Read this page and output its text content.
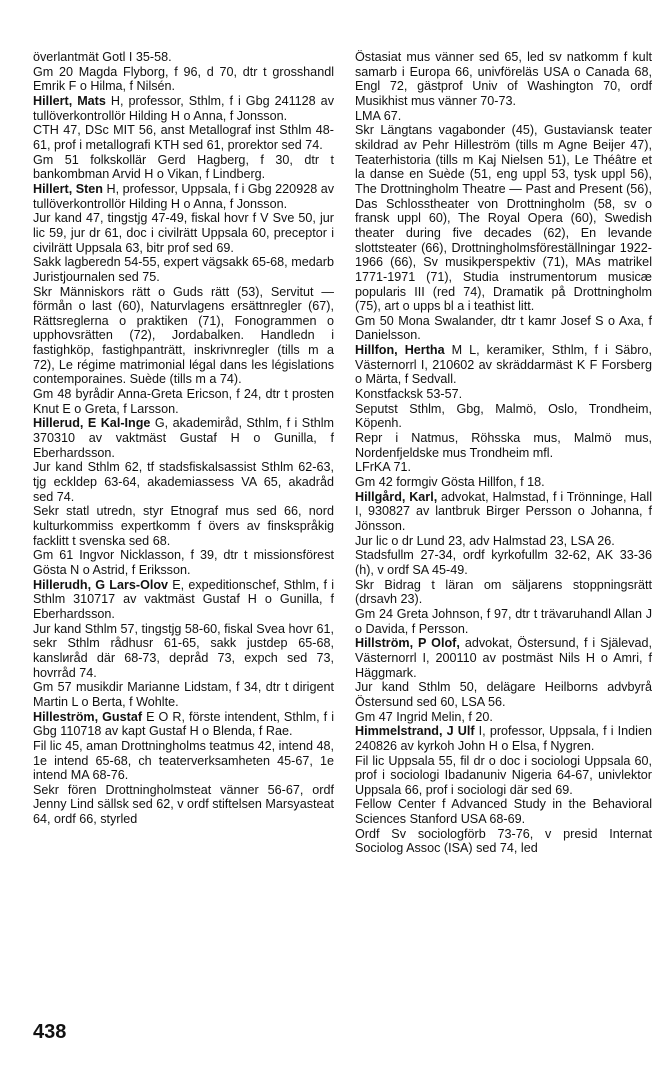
överlantmät Gotl I 35-58.

Gm 20 Magda Flyborg, f 96, d 70, dtr t grosshandl Emrik F o Hilma, f Nilsén.

Hillert, Mats H, professor, Sthlm, f i Gbg 241128 av tullöverkontrollör Hilding H o Anna, f Jonsson.

CTH 47, DSc MIT 56, anst Metallograf inst Sthlm 48-61, prof i metallografi KTH sed 61, prorektor sed 74.

Gm 51 folkskollär Gerd Hagberg, f 30, dtr t bankombman Arvid H o Vikan, f Lindberg.

Hillert, Sten H, professor, Uppsala, f i Gbg 220928 av tullöverkontrollör Hilding H o Anna, f Jonsson.

Jur kand 47, tingstjg 47-49, fiskal hovr f V Sve 50, jur lic 59, jur dr 61, doc i civilrätt Uppsala 60, preceptor i civilrätt Uppsala 63, bitr prof sed 69.

Sakk lagberedn 54-55, expert vägsakk 65-68, medarb Juristjournalen sed 75.

Skr Människors rätt o Guds rätt (53), Servitut — förmån o last (60), Naturvlagens ersättnregler (67), Rättsreglerna o praktiken (71), Fonogrammen o upphovsrätten (72), Jordabalken. Handledn i fastighköp, fastighpanträtt, inskrivnregler (tills m a 72), Le régime matrimonial légal dans les législations contemporaines. Suède (tills m a 74).

Gm 48 byrådir Anna-Greta Ericson, f 24, dtr t prosten Knut E o Greta, f Larsson.

Hillerud, E Kal-Inge G, akademiråd, Sthlm, f i Sthlm 370310 av vaktmäst Gustaf H o Gunilla, f Eberhardsson.

Jur kand Sthlm 62, tf stadsfiskalsassist Sthlm 62-63, tjg eckldep 63-64, akademiassess VA 65, akadråd sed 74.

Sekr statl utredn, styr Etnograf mus sed 66, nord kulturkommiss expertkomm f övers av finskspråkig facklitt t svenska sed 68.

Gm 61 Ingvor Nicklasson, f 39, dtr t missionsförest Gösta N o Astrid, f Eriksson.

Hillerudh, G Lars-Olov E, expeditionschef, Sthlm, f i Sthlm 310717 av vaktmäst Gustaf H o Gunilla, f Eberhardsson.

Jur kand Sthlm 57, tingstjg 58-60, fiskal Svea hovr 61, sekr Sthlm rådhusr 61-65, sakk justdep 65-68, kanslиråd där 68-73, depråd 73, expch sed 73, hovrråd 74.

Gm 57 musikdir Marianne Lidstam, f 34, dtr t dirigent Martin L o Berta, f Wohlte.

Hilleström, Gustaf E O R, förste intendent, Sthlm, f i Gbg 110718 av kapt Gustaf H o Blenda, f Rae.

Fil lic 45, aman Drottningholms teatmus 42, intend 48, 1e intend 65-68, ch teaterverksamheten 45-67, 1e intend MA 68-76.

Sekr fören Drottningholmsteat vänner 56-67, ordf Jenny Lind sällsk sed 62, v ordf stiftelsen Marsyasteat 64, ordf 66, styrled

Östasiat mus vänner sed 65, led sv natkomm f kult samarb i Europa 66, univföreläs USA o Canada 68, Engl 72, gästprof Univ of Washington 70, ordf Musikhist mus vänner 70-73.

LMA 67.

Skr Längtans vagabonder (45), Gustaviansk teater skildrad av Pehr Hilleström (tills m Agne Beijer 47), Teaterhistoria (tills m Kaj Nielsen 51), Le Théâtre et la danse en Suède (51, eng uppl 53, tysk uppl 56), The Drottningholm Theatre — Past and Present (56), Das Schlosstheater von Drottningholm (58, sv o fransk uppl 60), The Royal Opera (60), Swedish theater during five decades (62), En levande slottsteater (66), Drottningholmsföreställningar 1922-1966 (66), Sv musikperspektiv (71), MAs matrikel 1771-1971 (71), Studia instrumentorum musicæ popularis III (red 74), Dramatik på Drottningholm (75), art o upps bl a i teathist litt.

Gm 50 Mona Swalander, dtr t kamr Josef S o Axa, f Danielsson.

Hillfon, Hertha M L, keramiker, Sthlm, f i Säbro, Västernorrl I, 210602 av skräddarmäst K F Forsberg o Märta, f Sedvall.

Konstfacksk 53-57.

Seputst Sthlm, Gbg, Malmö, Oslo, Trondheim, Köpenh.

Repr i Natmus, Röhsska mus, Malmö mus, Nordenfjeldske mus Trondheim mfl.

LFrKA 71.

Gm 42 formgiv Gösta Hillfon, f 18.

Hillgård, Karl, advokat, Halmstad, f i Trönninge, Hall I, 930827 av lantbruk Birger Persson o Johanna, f Jönsson.

Jur lic o dr Lund 23, adv Halmstad 23, LSA 26.

Stadsfullm 27-34, ordf kyrkofullm 32-62, AK 33-36 (h), v ordf SA 45-49.

Skr Bidrag t läran om säljarens stoppningsrätt (drsavh 23).

Gm 24 Greta Johnson, f 97, dtr t trävaruhandl Allan J o Davida, f Persson.

Hillström, P Olof, advokat, Östersund, f i Själevad, Västernorrl I, 200110 av postmäst Nils H o Amri, f Häggmark.

Jur kand Sthlm 50, delägare Heilborns advbyrå Östersund sed 60, LSA 56.

Gm 47 Ingrid Melin, f 20.

Himmelstrand, J Ulf I, professor, Uppsala, f i Indien 240826 av kyrkoh John H o Elsa, f Nygren.

Fil lic Uppsala 55, fil dr o doc i sociologi Uppsala 60, prof i sociologi Ibadanuniv Nigeria 64-67, univlektor Uppsala 66, prof i sociologi där sed 69.

Fellow Center f Advanced Study in the Behavioral Sciences Stanford USA 68-69.

Ordf Sv sociologförb 73-76, v presid Internat Sociolog Assoc (ISA) sed 74, led

438
